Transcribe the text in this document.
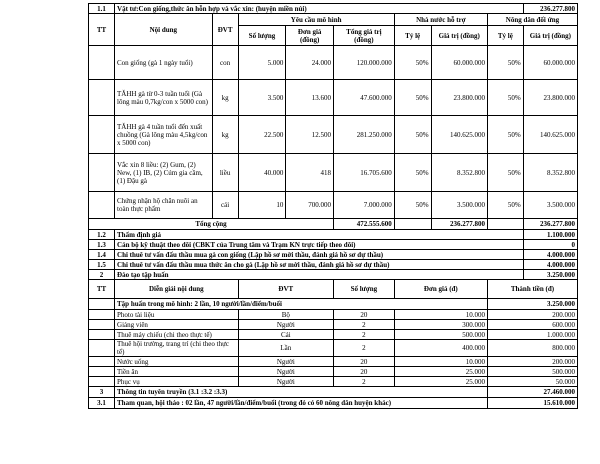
1.1	Vật tư:Con giống,thức ăn hỗn hợp và vắc xin: (huyện miền núi)								236.277.800
TT	Nội dung	ĐVT	Yêu cầu mô hình			Nhà nước hỗ trợ		Nông dân đối ứng	
			Số lượng	Đơn giá (đồng)	Tổng giá trị (đồng)	Tỷ lệ	Giá trị (đồng)	Tỷ lệ	Giá trị (đồng)
	Con giống (gà 1 ngày tuổi)	con	5.000	24.000	120.000.000	50%	60.000.000	50%	60.000.000
	TĂHH gà từ 0-3 tuần tuổi (Gà lông màu 0,7kg/con x 5000 con)	kg	3.500	13.600	47.600.000	50%	23.800.000	50%	23.800.000
	TĂHH gà 4 tuần tuổi đến xuất chuồng (Gà lông màu 4,5kg/con x 5000 con)	kg	22.500	12.500	281.250.000	50%	140.625.000	50%	140.625.000
	Vắc xin 8 liều: (2) Gum, (2) New, (1) IB, (2) Cúm gia cầm, (1) Đậu gà	liều	40.000	418	16.705.600	50%	8.352.800	50%	8.352.800
	Chứng nhận hộ chăn nuôi an toàn thực phẩm	cái	10	700.000	7.000.000	50%	3.500.000	50%	3.500.000
Tổng cộng					472.555.600		236.277.800		236.277.800
1.2	Thẩm định giá								1.100.000
1.3	Cán bộ kỹ thuật theo dõi (CBKT của Trung tâm và Trạm KN trực tiếp theo dõi)								0
1.4	Chi thuê tư vấn đấu thầu mua gà con giống (Lập hồ sơ mời thầu, đánh giá hồ sơ dự thầu)								4.000.000
1.5	Chi thuê tư vấn đấu thầu mua thức ăn cho gà (Lập hồ sơ mời thầu, đánh giá hồ sơ dự thầu)								4.000.000
2	Đào tạo tập huấn								3.250.000
TT	Diễn giải nội dung		ĐVT		Số lượng	Đơn giá (đ)		Thành tiền (đ)	
	Tập huấn trong mô hình: 2 lần, 10 người/lần/điểm/buổi							3.250.000	
	Photo tài liệu		Bộ		20	10.000		200.000	
	Giảng viên		Người		2	300.000		600.000	
	Thuê máy chiếu (chi theo thực tế)		Cái		2	500.000		1.000.000	
	Thuê hội trường, trang trí (chi theo thực tế)		Lần		2	400.000		800.000	
	Nước uống		Người		20	10.000		200.000	
	Tiền ăn		Người		20	25.000		500.000	
	Phục vụ		Người		2	25.000		50.000	
3	Thông tin tuyên truyền (3.1 :3.2 :3.3)							27.460.000	
3.1	Tham quan, hội thảo : 02 lần, 47 người/lần/điểm/buổi (trong đó có 60 nông dân huyện khác)							15.610.000	
